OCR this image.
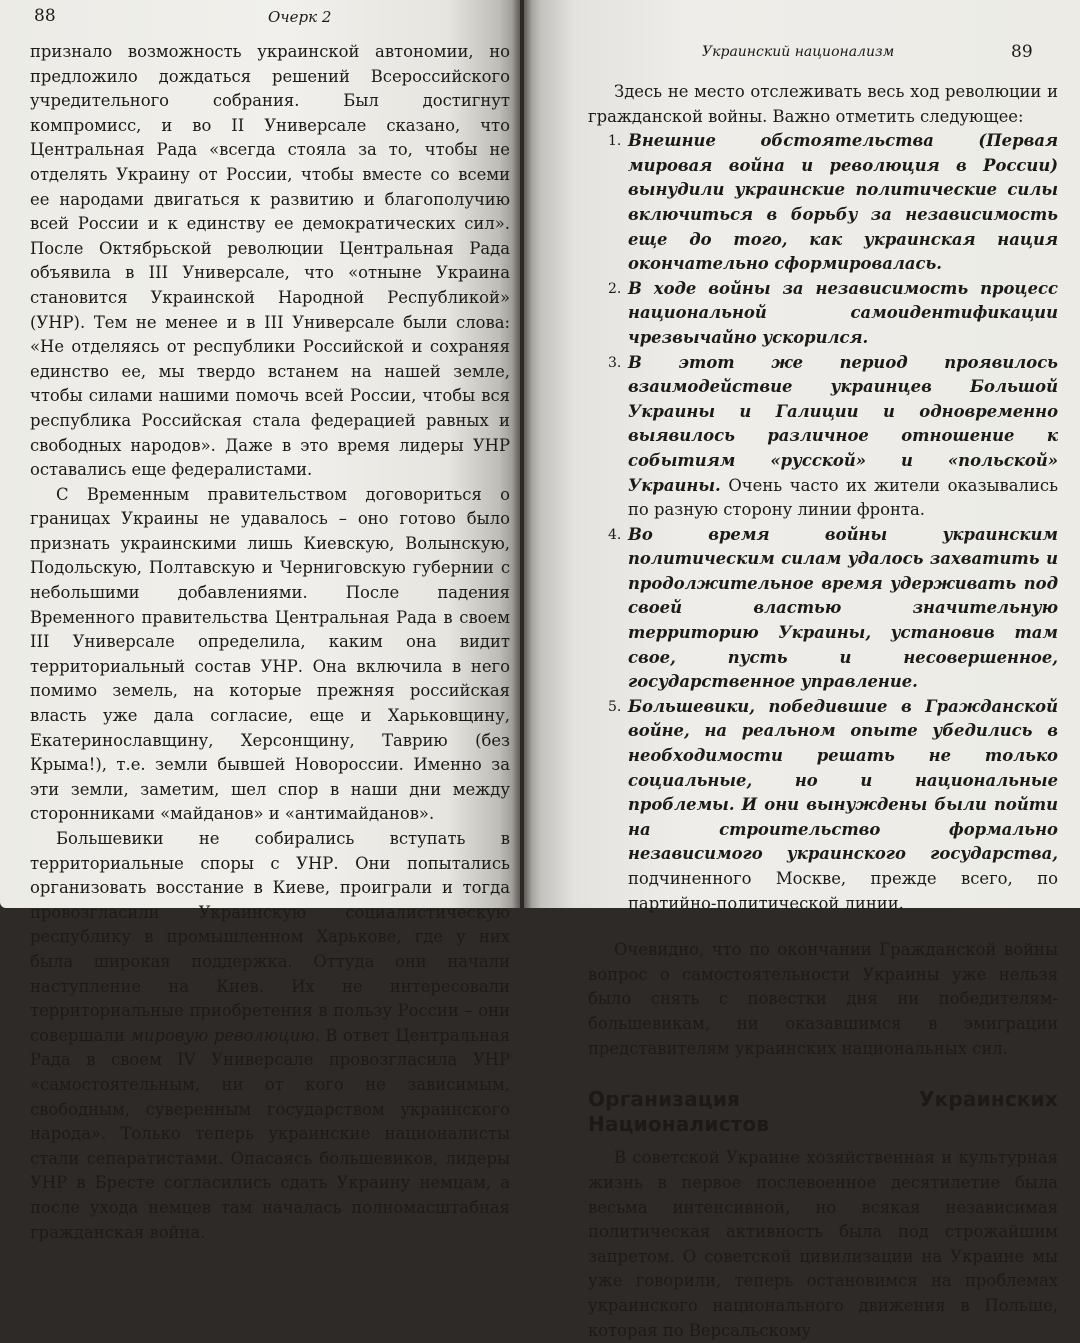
88	Очерк 2

признало возможность украинской автономии, но предложило дождаться решений Всероссийского учредительного собрания. Был достигнут компромисс, и во II Универсале сказано, что Центральная Рада «всегда стояла за то, чтобы не отделять Украину от России, чтобы вместе со всеми ее народами двигаться к развитию и благополучию всей России и к единству ее демократических сил». После Октябрьской революции Центральная Рада объявила в III Универсале, что «отныне Украина становится Украинской Народной Республикой» (УНР). Тем не менее и в III Универсале были слова: «Не отделяясь от республики Российской и сохраняя единство ее, мы твердо встанем на нашей земле, чтобы силами нашими помочь всей России, чтобы вся республика Российская стала федерацией равных и свободных народов». Даже в это время лидеры УНР оставались еще федералистами.

С Временным правительством договориться о границах Украины не удавалось – оно готово было признать украинскими лишь Киевскую, Волынскую, Подольскую, Полтавскую и Черниговскую губернии с небольшими добавлениями. После падения Временного правительства Центральная Рада в своем III Универсале определила, каким она видит территориальный состав УНР. Она включила в него помимо земель, на которые прежняя российская власть уже дала согласие, еще и Харьковщину, Екатеринославщину, Херсонщину, Таврию (без Крыма!), т.е. земли бывшей Новороссии. Именно за эти земли, заметим, шел спор в наши дни между сторонниками «майданов» и «антимайданов».

Большевики не собирались вступать в территориальные споры с УНР. Они попытались организовать восстание в Киеве, проиграли и тогда провозгласили Украинскую социалистическую республику в промышленном Харькове, где у них была широкая поддержка. Оттуда они начали наступление на Киев. Их не интересовали территориальные приобретения в пользу России – они совершали мировую революцию. В ответ Центральная Рада в своем IV Универсале провозгласила УНР «самостоятельным, ни от кого не зависимым, свободным, суверенным государством украинского народа». Только теперь украинские националисты стали сепаратистами. Опасаясь большевиков, лидеры УНР в Бресте согласились сдать Украину немцам, а после ухода немцев там началась полномасштабная гражданская война.

Украинский национализм	89

Здесь не место отслеживать весь ход революции и гражданской войны. Важно отметить следующее:

1. Внешние обстоятельства (Первая мировая война и революция в России) вынудили украинские политические силы включиться в борьбу за независимость еще до того, как украинская нация окончательно сформировалась.
2. В ходе войны за независимость процесс национальной самоидентификации чрезвычайно ускорился.
3. В этот же период проявилось взаимодействие украинцев Большой Украины и Галиции и одновременно выявилось различное отношение к событиям «русской» и «польской» Украины. Очень часто их жители оказывались по разную сторону линии фронта.
4. Во время войны украинским политическим силам удалось захватить и продолжительное время удерживать под своей властью значительную территорию Украины, установив там свое, пусть и несовершенное, государственное управление.
5. Большевики, победившие в Гражданской войне, на реальном опыте убедились в необходимости решать не только социальные, но и национальные проблемы. И они вынуждены были пойти на строительство формально независимого украинского государства, подчиненного Москве, прежде всего, по партийно-политической линии.

Очевидно, что по окончании Гражданской войны вопрос о самостоятельности Украины уже нельзя было снять с повестки дня ни победителям-большевикам, ни оказавшимся в эмиграции представителям украинских национальных сил.

Организация Украинских Националистов

В советской Украине хозяйственная и культурная жизнь в первое послевоенное десятилетие была весьма интенсивной, но всякая независимая политическая активность была под строжайшим запретом. О советской цивилизации на Украине мы уже говорили, теперь остановимся на проблемах украинского национального движения в Польше, которая по Версальскому
